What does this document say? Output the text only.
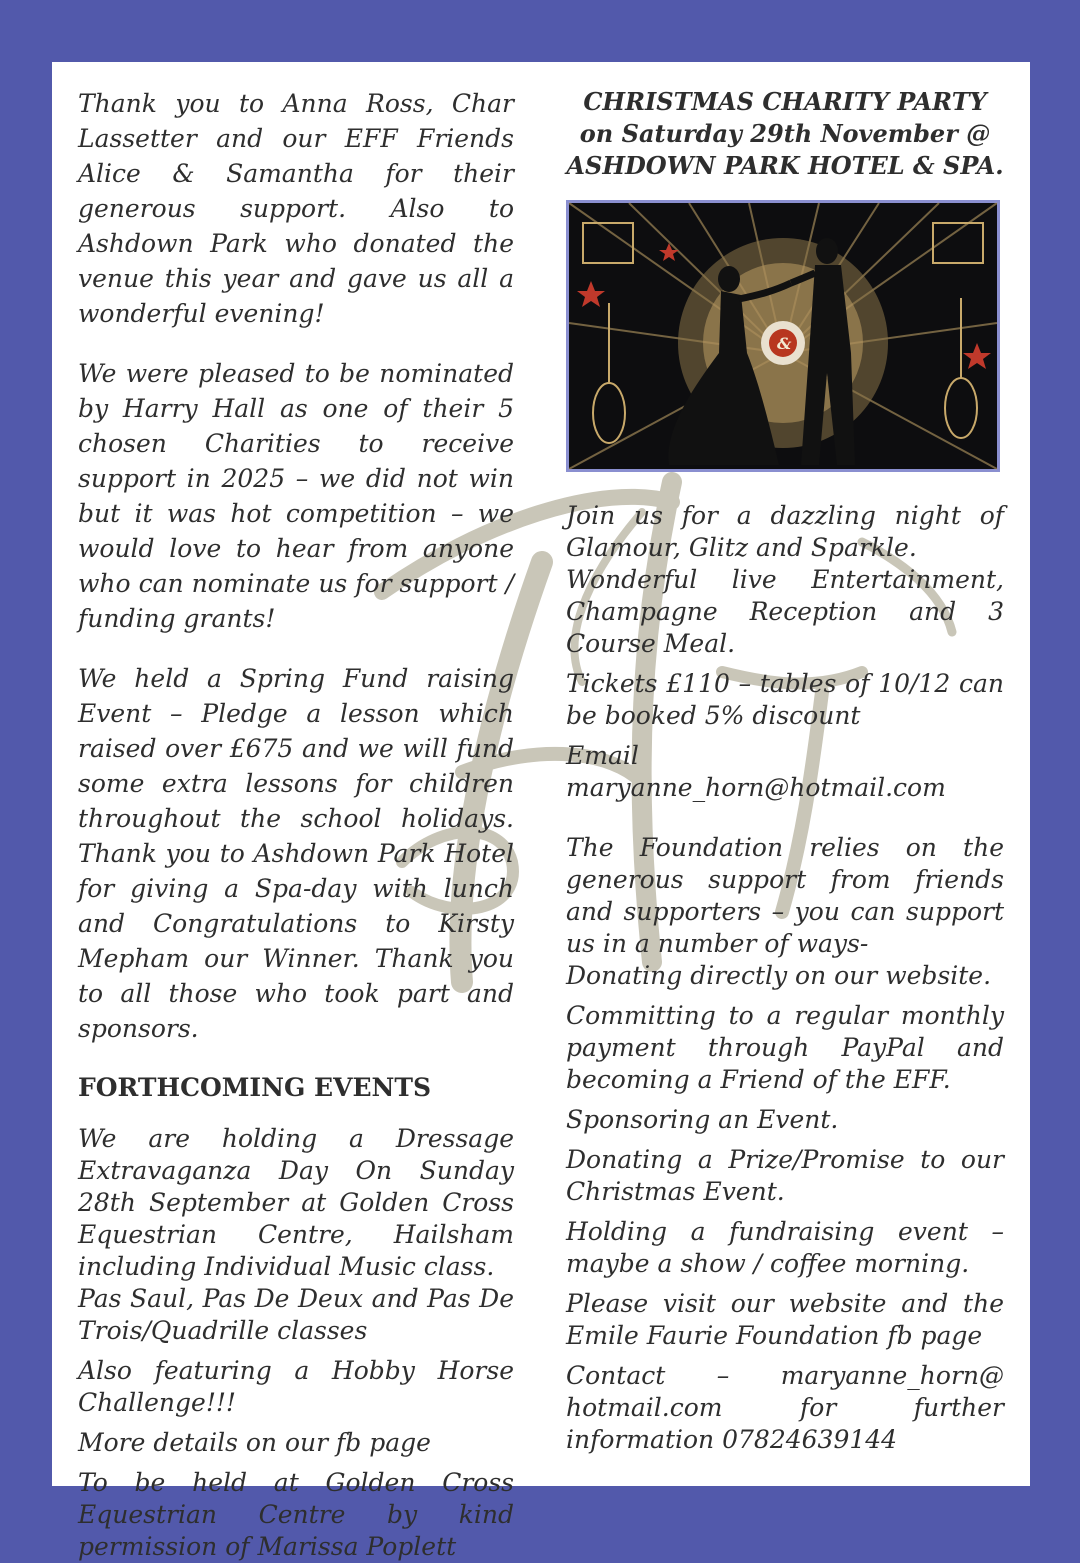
Thank you to Anna Ross, Char Lassetter and our EFF Friends Alice & Samantha for their generous support. Also to Ashdown Park who donated the venue this year and gave us all a wonderful evening!

We were pleased to be nominated by Harry Hall as one of their 5 chosen Charities to receive support in 2025 – we did not win but it was hot competition – we would love to hear from anyone who can nominate us for support / funding grants!

We held a Spring Fund raising Event – Pledge a lesson which raised over £675 and we will fund some extra lessons for children throughout the school holidays. Thank you to Ashdown Park Hotel for giving a Spa-day with lunch and Congratulations to Kirsty Mepham our Winner. Thank you to all those who took part and sponsors.

FORTHCOMING EVENTS

We are holding a Dressage Extravaganza Day On Sunday 28th September at Golden Cross Equestrian Centre, Hailsham including Individual Music class.

Pas Saul, Pas De Deux and Pas De Trois/Quadrille classes

Also featuring a Hobby Horse Challenge!!!

More details on our fb page

To be held at Golden Cross Equestrian Centre by kind permission of Marissa Poplett

CHRISTMAS CHARITY PARTY

on Saturday 29th November @

ASHDOWN PARK HOTEL & SPA.

&

Join us for a dazzling night of Glamour, Glitz and Sparkle.

Wonderful live Entertainment, Champagne Reception and 3 Course Meal.

Tickets £110 – tables of 10/12 can be booked 5% discount

Email maryanne_horn@hotmail.com

The Foundation relies on the generous support from friends and supporters – you can support us in a number of ways-

Donating directly on our website.

Committing to a regular monthly payment through PayPal and becoming a Friend of the EFF.

Sponsoring an Event.

Donating a Prize/Promise to our Christmas Event.

Holding a fundraising event – maybe a show / coffee morning.

Please visit our website and the Emile Faurie Foundation fb page

Contact – maryanne_horn@ hotmail.com for further information 07824639144
